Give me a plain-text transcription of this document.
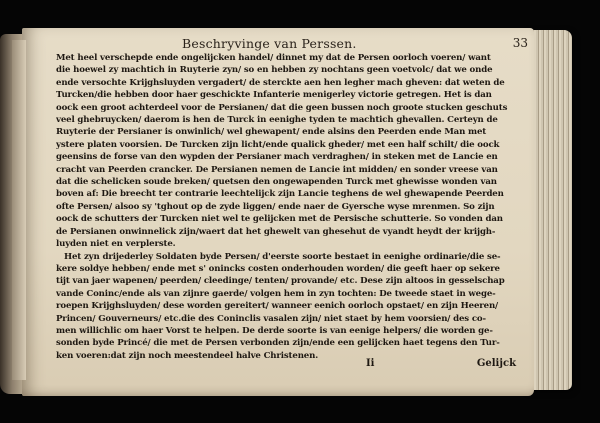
Beschryvinge van Perssen.	33
Met heel verschepde ende ongelijcken handel/ dinnet my dat de Persen oorloch voeren/ want
die hoewel zy machtich in Ruyterie zyn/ so en hebben zy nochtans geen voetvolc/ dat we onde
ende versochte Krijghsluyden vergadert/ de sterckte aen hen legher mach gheven: dat weten de
Turcken/die hebben door haer geschickte Infanterie menigerley victorie getregen. Het is dan
oock een groot achterdeel voor de Persianen/ dat die geen bussen noch groote stucken geschuts
veel ghebruycken/ daerom is hen de Turck in eenighe tyden te machtich ghevallen. Certeyn de
Ruyterie der Persianer is onwinlich/ wel ghewapent/ ende alsins den Peerden ende Man met
ystere platen voorsien. De Turcken zijn licht/ende qualick gheder/ met een half schilt/ die oock
geensins de forse van den wypden der Persianer mach verdraghen/ in steken met de Lancie en
cracht van Peerden crancker. De Persianen nemen de Lancie int midden/ en sonder vreese van
dat die schelicken soude breken/ quetsen den ongewapenden Turck met ghewisse wonden van
boven af: Die breecht ter contrarie leechtelijck zijn Lancie teghens de wel ghewapende Peerden
ofte Persen/ alsoo sy 'tghout op de zyde liggen/ ende naer de Gyersche wyse mrenmen. So zijn
oock de schutters der Turcken niet wel te gelijcken met de Persische schutterie. So vonden dan
de Persianen onwinnelick zijn/waert dat het ghewelt van ghesehut de vyandt heydt der krijgh-
luyden niet en verplerste.
Het zyn drijederley Soldaten byde Persen/ d'eerste soorte bestaet in eenighe ordinarie/die se-
kere soldye hebben/ ende met s' onincks costen onderhouden worden/ die geeft haer op sekere
tijt van jaer wapenen/ peerden/ cleedinge/ tenten/ provande/ etc. Dese zijn altoos in gesselschap
vande Coninc/ende als van zijnre gaerde/ volgen hem in zyn tochten: De tweede staet in wege-
roepen Krijghsluyden/ dese worden gereitert/ wanneer eenich oorloch opstaet/ en zijn Heeren/
Princen/ Gouverneurs/ etc.die des Coninclis vasalen zijn/ niet staet by hem voorsien/ des co-
men willichlic om haer Vorst te helpen. De derde soorte is van eenige helpers/ die worden ge-
sonden byde Princé/ die met de Persen verbonden zijn/ende een gelijcken haet tegens den Tur-
ken voeren:dat zijn noch meestendeel halve Christenen.
Ii	Gelijck
